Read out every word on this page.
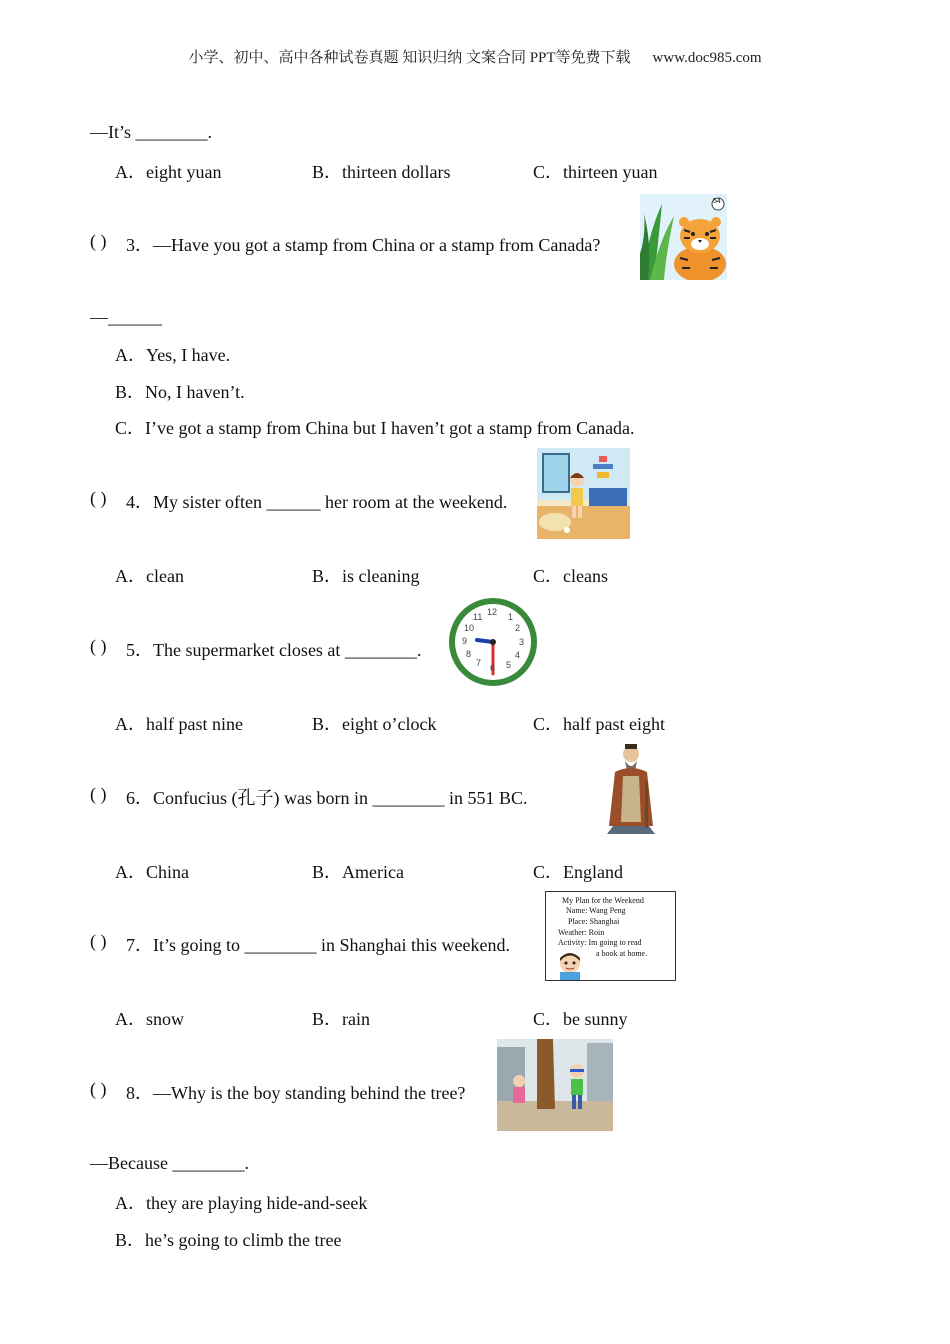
小学、初中、高中各种试卷真题 知识归纳 文案合同 PPT等免费下载 www.doc985.com
—It’s ________.
A．eight yuan	B．thirteen dollars	C．thirteen yuan
( ) 3．—Have you got a stamp from China or a stamp from Canada?
54
—______
A．Yes, I have.
B．No, I haven’t.
C．I’ve got a stamp from China but I haven’t got a stamp from Canada.
( ) 4．My sister often ______ her room at the weekend.
A．clean	B．is cleaning	C．cleans
( ) 5．The supermarket closes at ________.
12 1
2
3
4
5
6
7
8
9
10
11
A．half past nine	B．eight o’clock	C．half past eight
( ) 6．Confucius (孔子) was born in ________ in 551 BC.
A．China	B．America	C．England
( ) 7．It’s going to ________ in Shanghai this weekend.
My Plan for the Weekend
Name: Wang Peng
Place: Shanghai
Weather: Roin
Activity: Im going to read
a book at home.
A．snow	B．rain	C．be sunny
( ) 8．—Why is the boy standing behind the tree?
—Because ________.
A．they are playing hide-and-seek
B．he’s going to climb the tree
